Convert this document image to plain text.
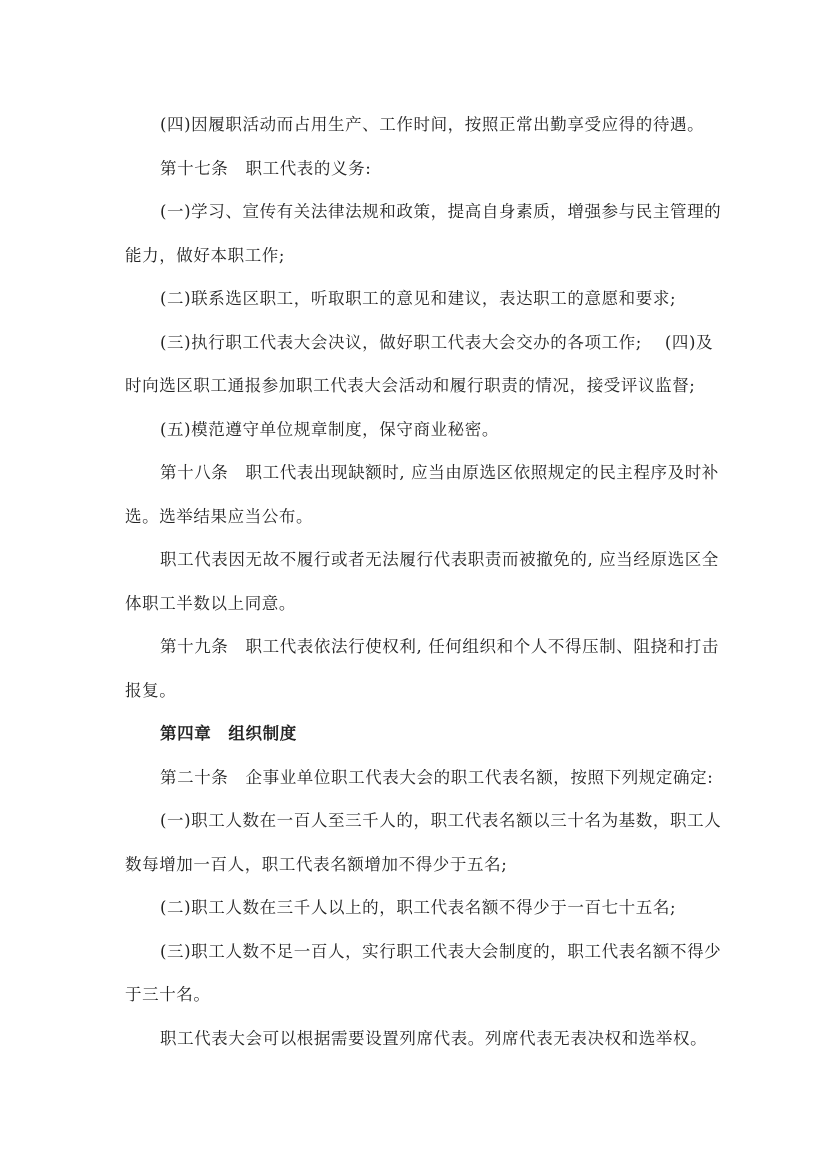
(四)因履职活动而占用生产、工作时间，按照正常出勤享受应得的待遇。
第十七条　职工代表的义务:
(一)学习、宣传有关法律法规和政策，提高自身素质，增强参与民主管理的
能力，做好本职工作;
(二)联系选区职工，听取职工的意见和建议，表达职工的意愿和要求;
(三)执行职工代表大会决议，做好职工代表大会交办的各项工作;　 (四)及
时向选区职工通报参加职工代表大会活动和履行职责的情况，接受评议监督;
(五)模范遵守单位规章制度，保守商业秘密。
第十八条　职工代表出现缺额时, 应当由原选区依照规定的民主程序及时补
选。选举结果应当公布。
职工代表因无故不履行或者无法履行代表职责而被撤免的, 应当经原选区全
体职工半数以上同意。
第十九条　职工代表依法行使权利, 任何组织和个人不得压制、阻挠和打击
报复。
第四章　组织制度
第二十条　企事业单位职工代表大会的职工代表名额，按照下列规定确定:
(一)职工人数在一百人至三千人的，职工代表名额以三十名为基数，职工人
数每增加一百人，职工代表名额增加不得少于五名;
(二)职工人数在三千人以上的，职工代表名额不得少于一百七十五名;
(三)职工人数不足一百人，实行职工代表大会制度的，职工代表名额不得少
于三十名。
职工代表大会可以根据需要设置列席代表。列席代表无表决权和选举权。
